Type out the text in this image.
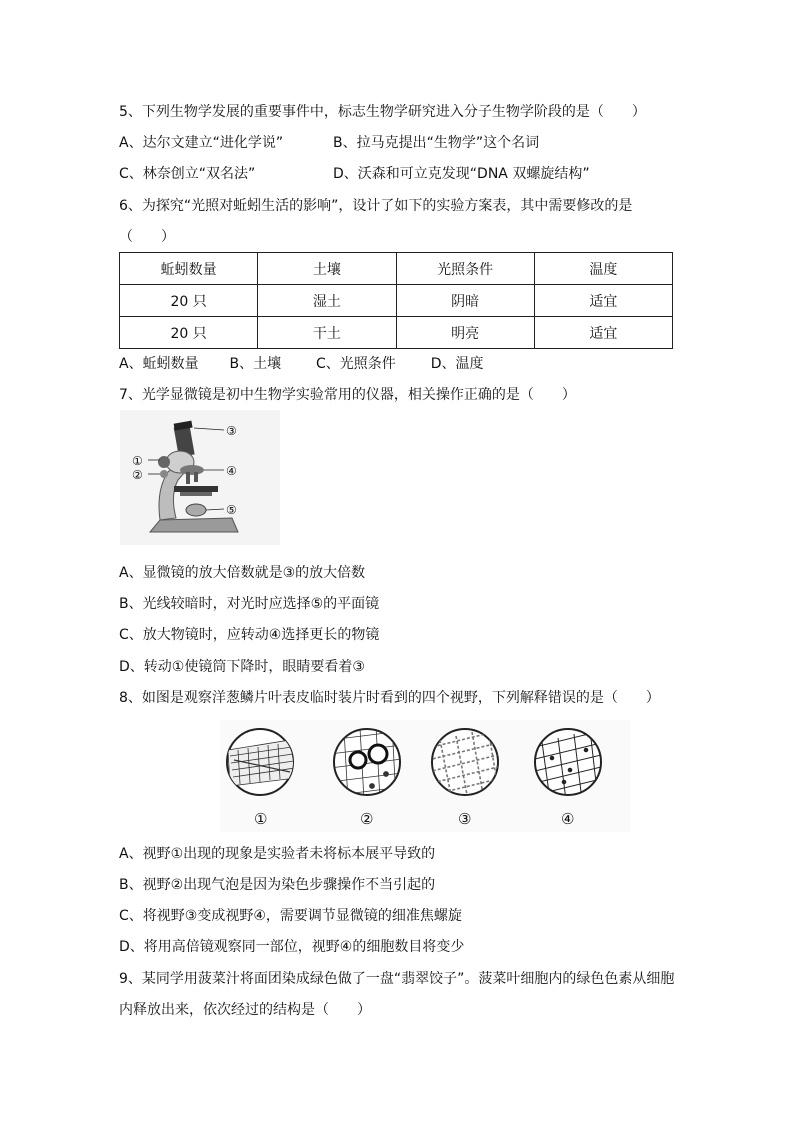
5、下列生物学发展的重要事件中，标志生物学研究进入分子生物学阶段的是（　　）
A、达尔文建立“进化学说”	B、拉马克提出“生物学”这个名词
C、林奈创立“双名法”	D、沃森和可立克发现“DNA 双螺旋结构”
6、为探究“光照对蚯蚓生活的影响”，设计了如下的实验方案表，其中需要修改的是
（　　）
蚯蚓数量	土壤	光照条件	温度
20 只	湿土	阴暗	适宜
20 只	干土	明亮	适宜
A、蚯蚓数量 B、土壤 C、光照条件 D、温度
7、光学显微镜是初中生物学实验常用的仪器，相关操作正确的是（　　）
①
②
③
④
⑤
A、显微镜的放大倍数就是③的放大倍数
B、光线较暗时，对光时应选择⑤的平面镜
C、放大物镜时，应转动④选择更长的物镜
D、转动①使镜筒下降时，眼睛要看着③
8、如图是观察洋葱鳞片叶表皮临时装片时看到的四个视野，下列解释错误的是（　　）
①	②	③	④
A、视野①出现的现象是实验者未将标本展平导致的
B、视野②出现气泡是因为染色步骤操作不当引起的
C、将视野③变成视野④，需要调节显微镜的细准焦螺旋
D、将用高倍镜观察同一部位，视野④的细胞数目将变少
9、某同学用菠菜汁将面团染成绿色做了一盘“翡翠饺子”。菠菜叶细胞内的绿色色素从细胞
内释放出来，依次经过的结构是（　　）
